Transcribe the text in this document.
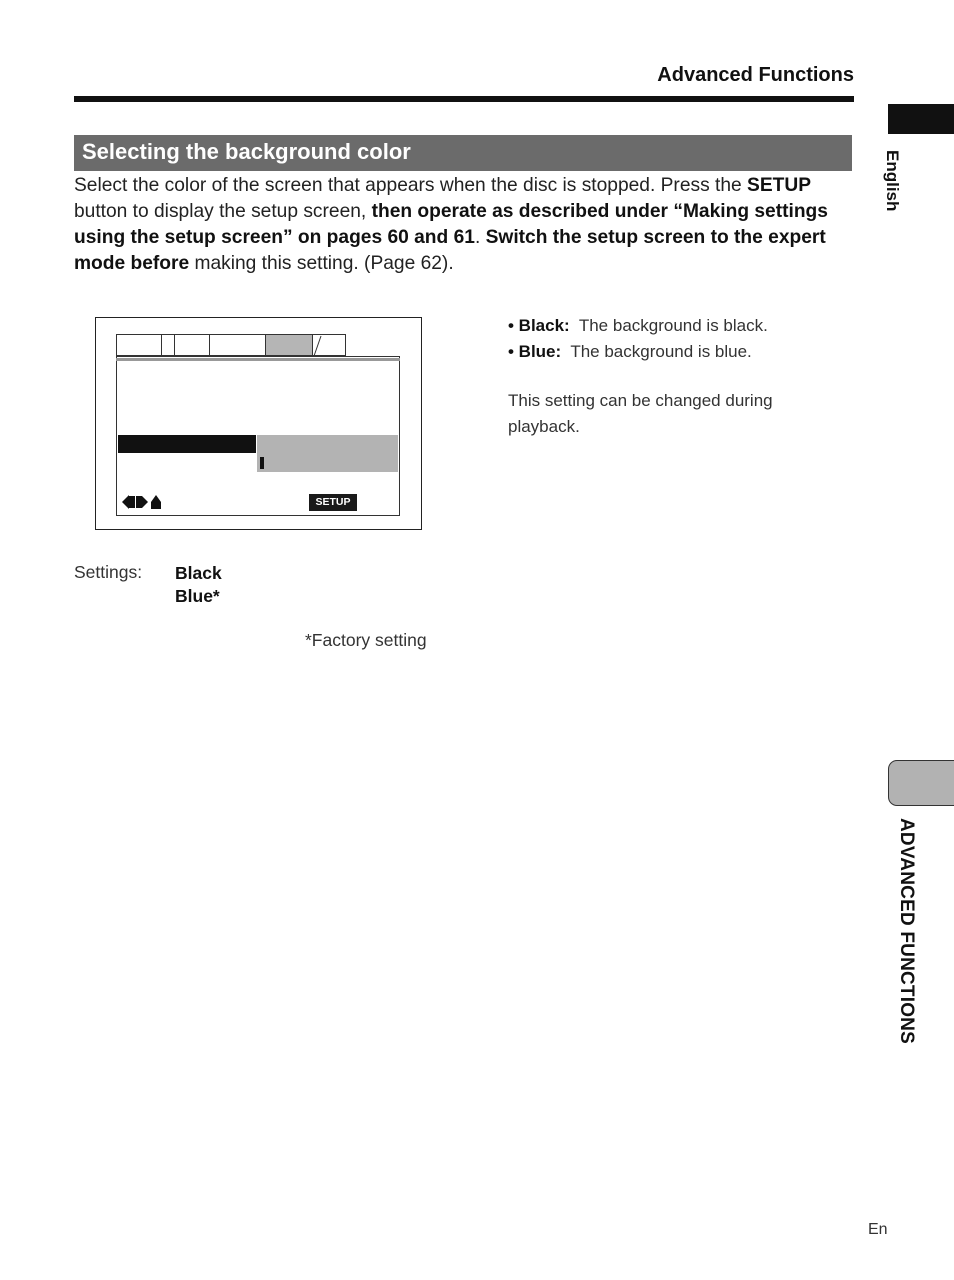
Advanced Functions
English
ADVANCED FUNCTIONS
Selecting the background color
Select the color of the screen that appears when the disc is stopped. Press the SETUP button to display the setup screen, then operate as described under “Making settings using the setup screen” on pages 60 and 61. Switch the setup screen to the expert mode before making this setting. (Page 62).
SETUP
• Black: The background is black.
• Blue: The background is blue.
This setting can be changed during playback.
Settings: Black
Blue*
*Factory setting
En
